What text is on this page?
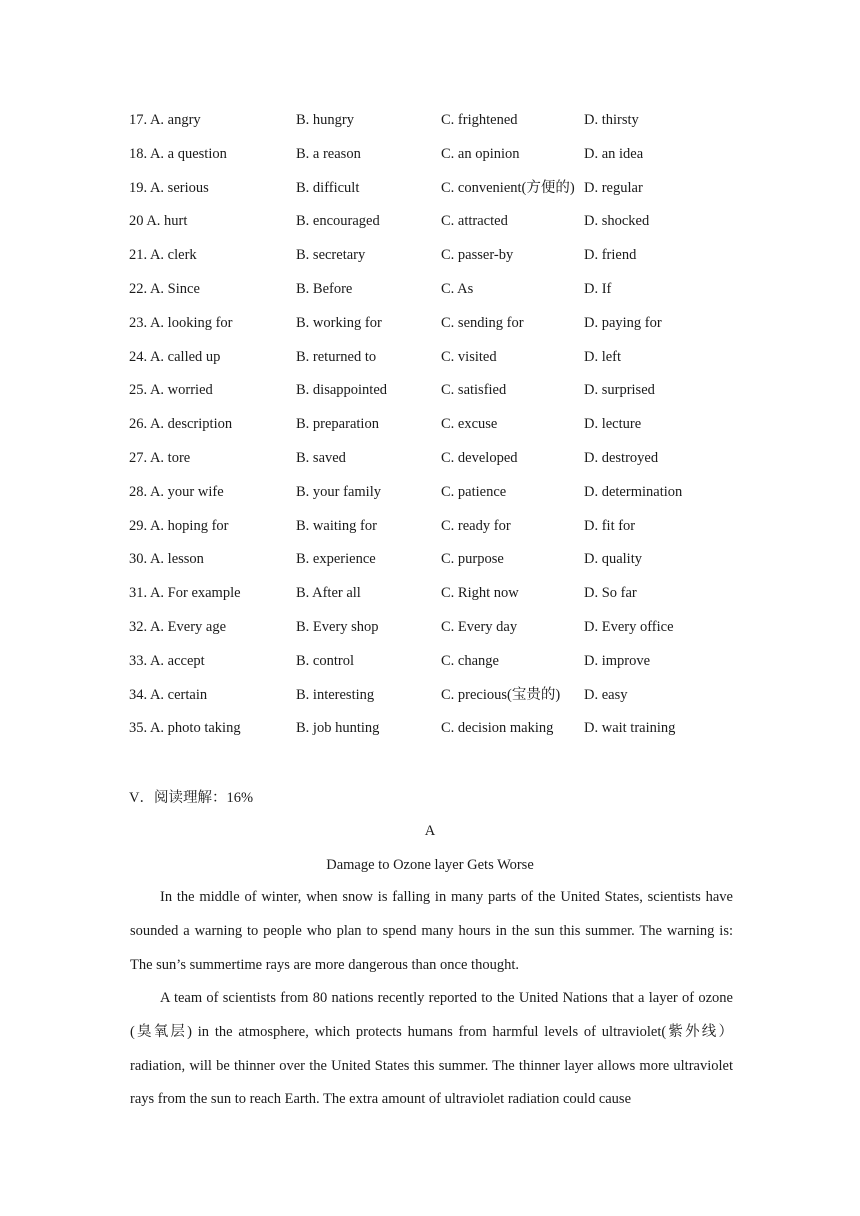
17. A. angry	B. hungry	C. frightened	D. thirsty
18. A. a question	B. a reason	C. an opinion	D. an idea
19. A. serious	B. difficult	C. convenient(方便的) D. regular
20 A. hurt	B. encouraged	C. attracted	D. shocked
21. A. clerk	B. secretary	C. passer-by	D. friend
22. A. Since	B. Before	C. As	D. If
23. A. looking for	B. working for	C. sending for	D. paying for
24. A. called up	B. returned to	C. visited	D. left
25. A. worried	B. disappointed	C. satisfied	D. surprised
26. A. description	B. preparation	C. excuse	D. lecture
27. A. tore	B. saved	C. developed	D. destroyed
28. A. your wife	B. your family	C. patience	D. determination
29. A. hoping for	B. waiting for	C. ready for	D. fit for
30. A. lesson	B. experience	C. purpose	D. quality
31. A. For example	B. After all	C. Right now	D. So far
32. A. Every age	B. Every shop	C. Every day	D. Every office
33. A. accept	B. control	C. change	D. improve
34. A. certain	B. interesting	C. precious(宝贵的) D. easy
35. A. photo taking	B. job hunting	C. decision making D. wait training
V．阅读理解：16%
A
Damage to Ozone layer Gets Worse

In the middle of winter, when snow is falling in many parts of the United States, scientists have sounded a warning to people who plan to spend many hours in the sun this summer. The warning is: The sun’s summertime rays are more dangerous than once thought.

A team of scientists from 80 nations recently reported to the United Nations that a layer of ozone (臭氧层) in the atmosphere, which protects humans from harmful levels of ultraviolet(紫外线） radiation, will be thinner over the United States this summer. The thinner layer allows more ultraviolet rays from the sun to reach Earth. The extra amount of ultraviolet radiation could cause
